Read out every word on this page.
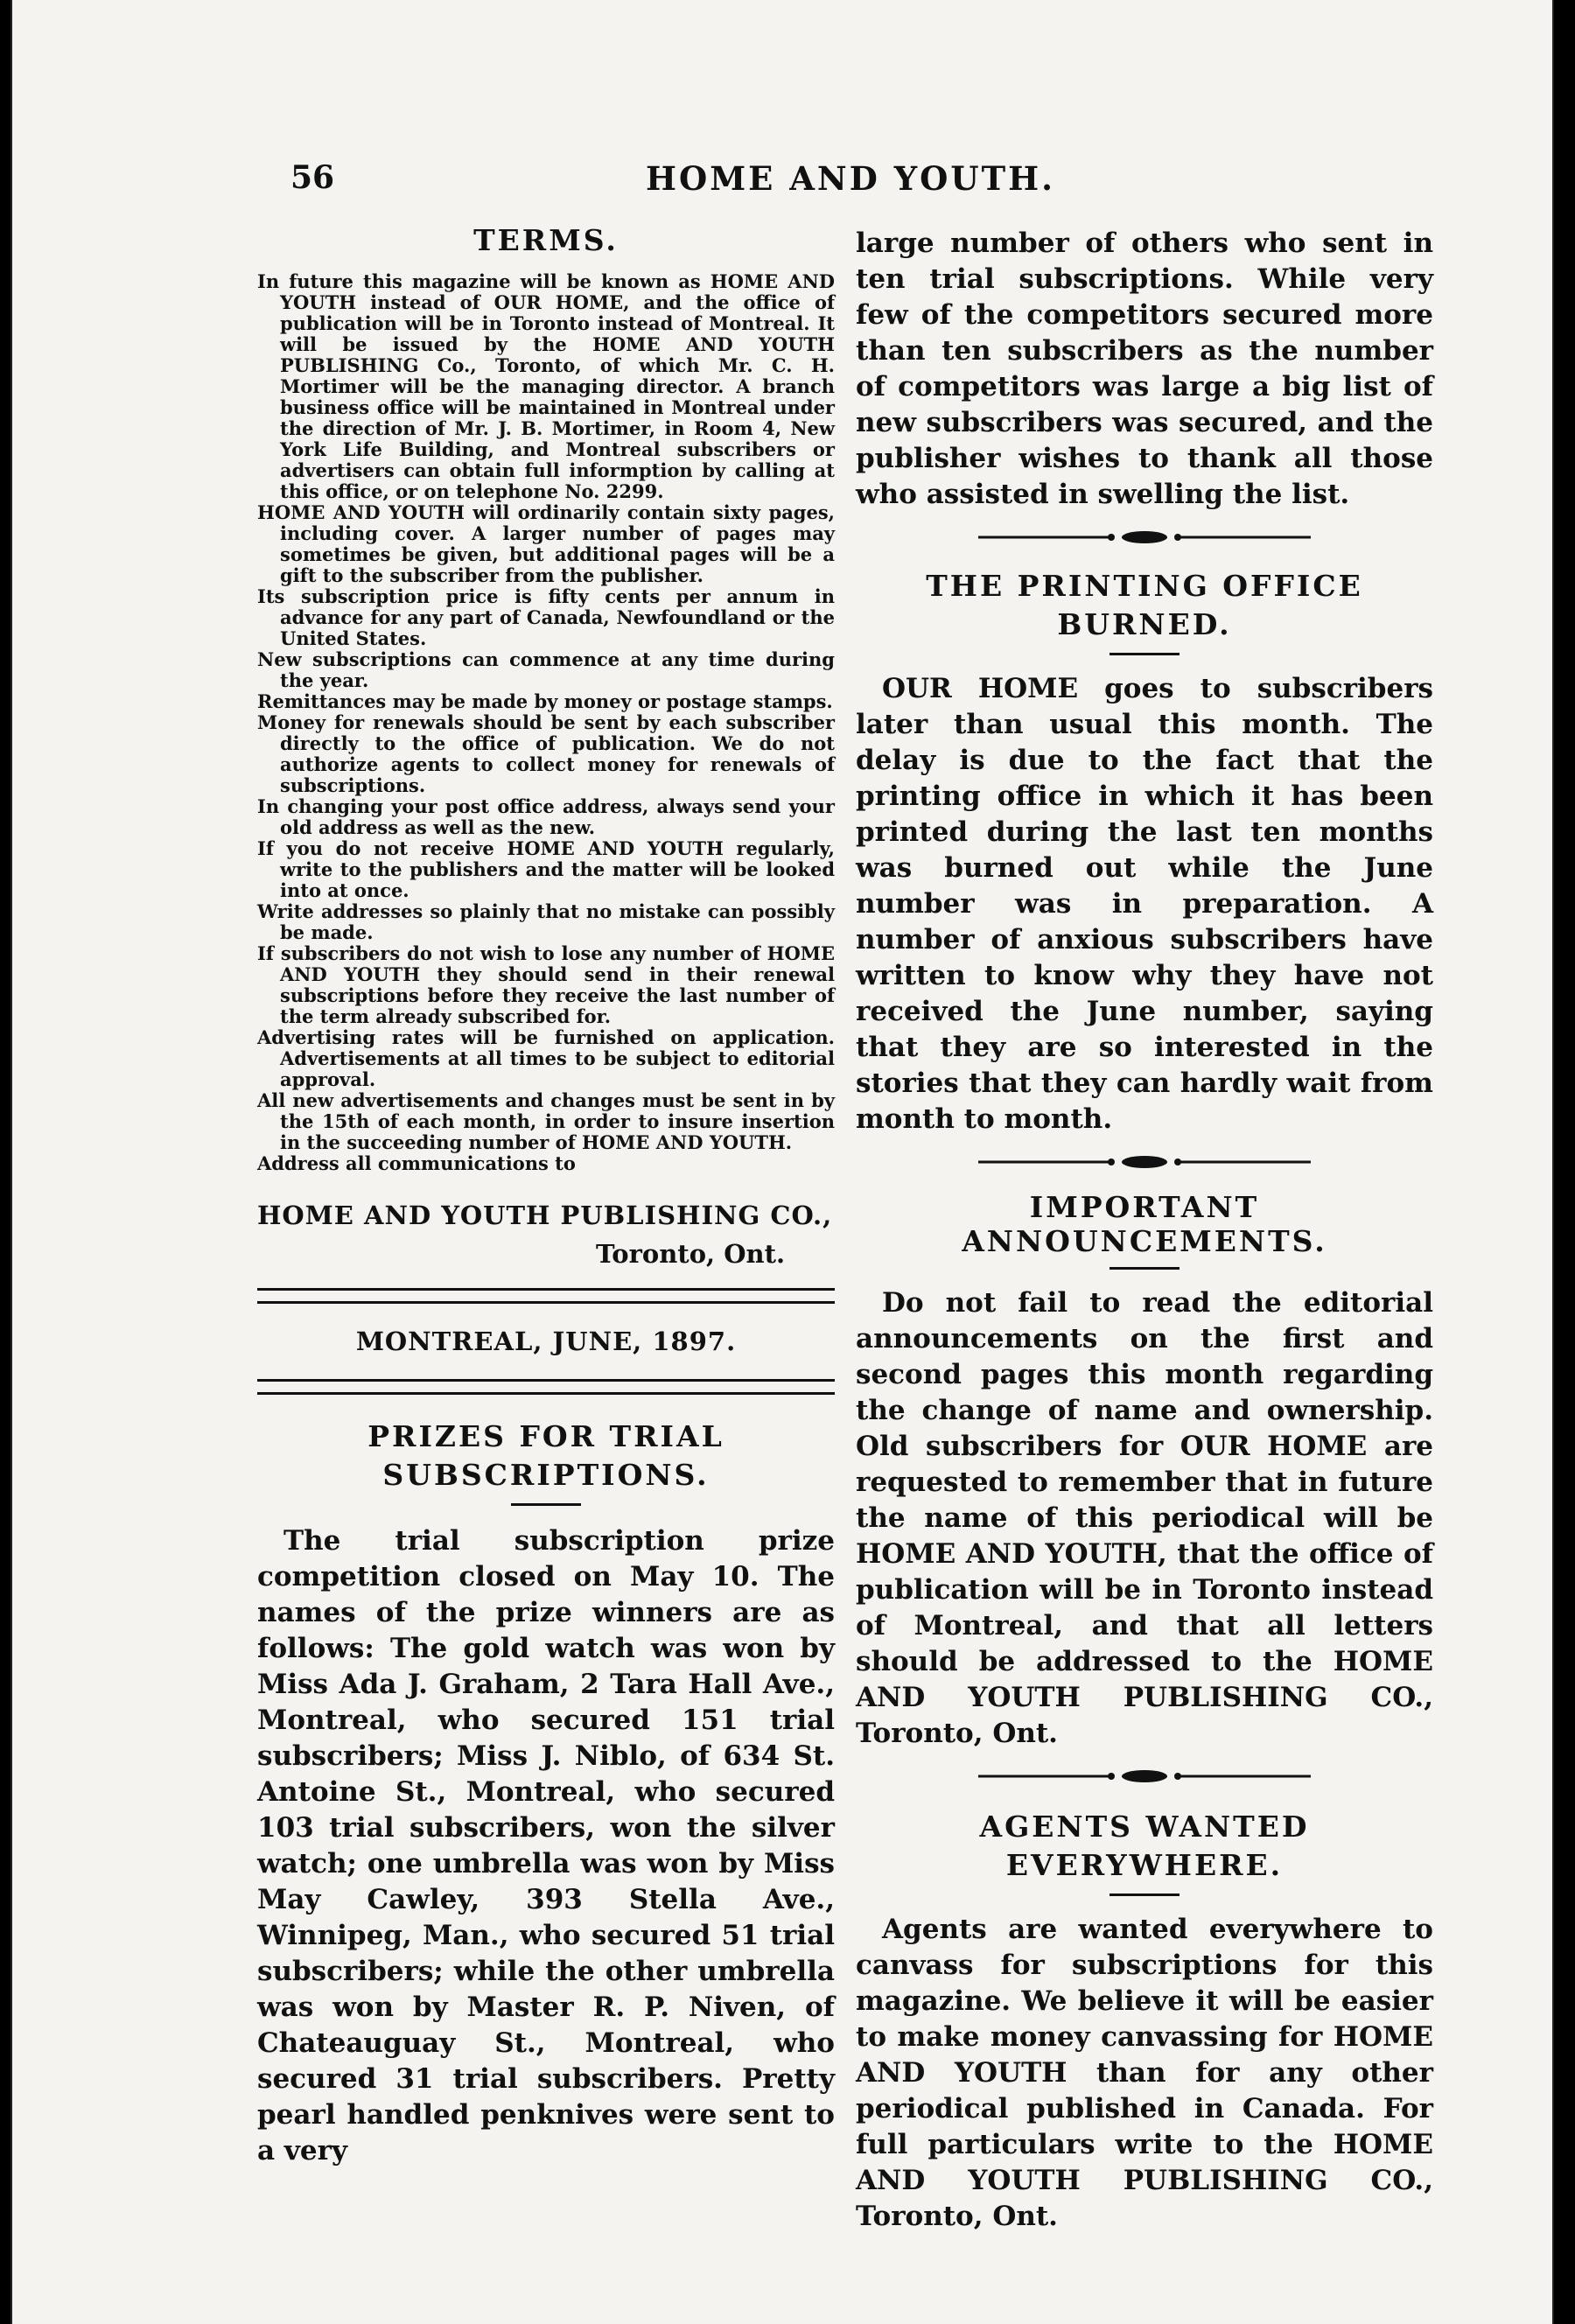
56	HOME AND YOUTH.
TERMS.
In future this magazine will be known as HOME AND YOUTH instead of OUR HOME, and the office of publication will be in Toronto instead of Montreal. It will be issued by the HOME AND YOUTH PUBLISHING Co., Toronto, of which Mr. C. H. Mortimer will be the managing director. A branch business office will be maintained in Montreal under the direction of Mr. J. B. Mortimer, in Room 4, New York Life Building, and Montreal subscribers or advertisers can obtain full informption by calling at this office, or on telephone No. 2299.
HOME AND YOUTH will ordinarily contain sixty pages, including cover. A larger number of pages may sometimes be given, but additional pages will be a gift to the subscriber from the publisher.
Its subscription price is fifty cents per annum in advance for any part of Canada, Newfoundland or the United States.
New subscriptions can commence at any time during the year.
Remittances may be made by money or postage stamps.
Money for renewals should be sent by each subscriber directly to the office of publication. We do not authorize agents to collect money for renewals of subscriptions.
In changing your post office address, always send your old address as well as the new.
If you do not receive HOME AND YOUTH regularly, write to the publishers and the matter will be looked into at once.
Write addresses so plainly that no mistake can possibly be made.
If subscribers do not wish to lose any number of HOME AND YOUTH they should send in their renewal subscriptions before they receive the last number of the term already subscribed for.
Advertising rates will be furnished on application. Advertisements at all times to be subject to editorial approval.
All new advertisements and changes must be sent in by the 15th of each month, in order to insure insertion in the succeeding number of HOME AND YOUTH.
Address all communications to

HOME AND YOUTH PUBLISHING CO.,

Toronto, Ont.

MONTREAL, JUNE, 1897.
PRIZES FOR TRIAL SUBSCRIPTIONS.

The trial subscription prize competition closed on May 10. The names of the prize winners are as follows: The gold watch was won by Miss Ada J. Graham, 2 Tara Hall Ave., Montreal, who secured 151 trial subscribers; Miss J. Niblo, of 634 St. Antoine St., Montreal, who secured 103 trial subscribers, won the silver watch; one umbrella was won by Miss May Cawley, 393 Stella Ave., Winnipeg, Man., who secured 51 trial subscribers; while the other umbrella was won by Master R. P. Niven, of Chateauguay St., Montreal, who secured 31 trial subscribers. Pretty pearl handled penknives were sent to a very

large number of others who sent in ten trial subscriptions. While very few of the competitors secured more than ten subscribers as the number of competitors was large a big list of new subscribers was secured, and the publisher wishes to thank all those who assisted in swelling the list.

THE PRINTING OFFICE BURNED.

OUR HOME goes to subscribers later than usual this month. The delay is due to the fact that the printing office in which it has been printed during the last ten months was burned out while the June number was in preparation. A number of anxious subscribers have written to know why they have not received the June number, saying that they are so interested in the stories that they can hardly wait from month to month.

IMPORTANT ANNOUNCEMENTS.

Do not fail to read the editorial announcements on the first and second pages this month regarding the change of name and ownership. Old subscribers for OUR HOME are requested to remember that in future the name of this periodical will be HOME AND YOUTH, that the office of publication will be in Toronto instead of Montreal, and that all letters should be addressed to the HOME AND YOUTH PUBLISHING CO., Toronto, Ont.

AGENTS WANTED EVERYWHERE.

Agents are wanted everywhere to canvass for subscriptions for this magazine. We believe it will be easier to make money canvassing for HOME AND YOUTH than for any other periodical published in Canada. For full particulars write to the HOME AND YOUTH PUBLISHING CO., Toronto, Ont.
